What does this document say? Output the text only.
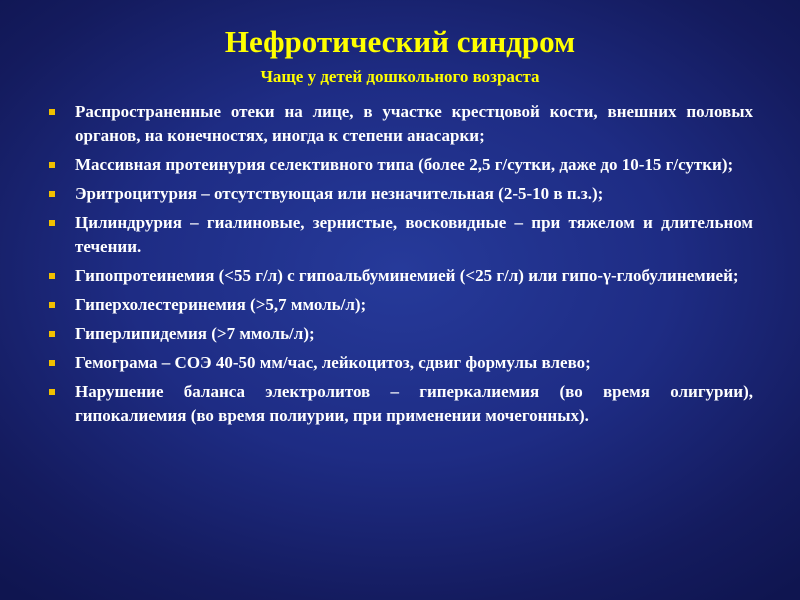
Нефротический синдром

Чаще у детей дошкольного возраста

Распространенные отеки на лице, в участке крестцовой кости, внешних половых органов, на конечностях, иногда к степени анасарки;
Массивная протеинурия селективного типа (более 2,5 г/сутки, даже до 10-15 г/сутки);
Эритроцитурия – отсутствующая или незначительная (2-5-10 в п.з.);
Цилиндрурия – гиалиновые, зернистые, восковидные – при тяжелом и длительном течении.
Гипопротеинемия (<55 г/л) с гипоальбуминемией (<25 г/л) или гипо-γ-глобулинемией;
Гиперхолестеринемия (>5,7 ммоль/л);
Гиперлипидемия (>7 ммоль/л);
Гемограма – СОЭ 40-50 мм/час, лейкоцитоз, сдвиг формулы влево;
Нарушение баланса электролитов – гиперкалиемия (во время олигурии), гипокалиемия (во время полиурии, при применении мочегонных).
